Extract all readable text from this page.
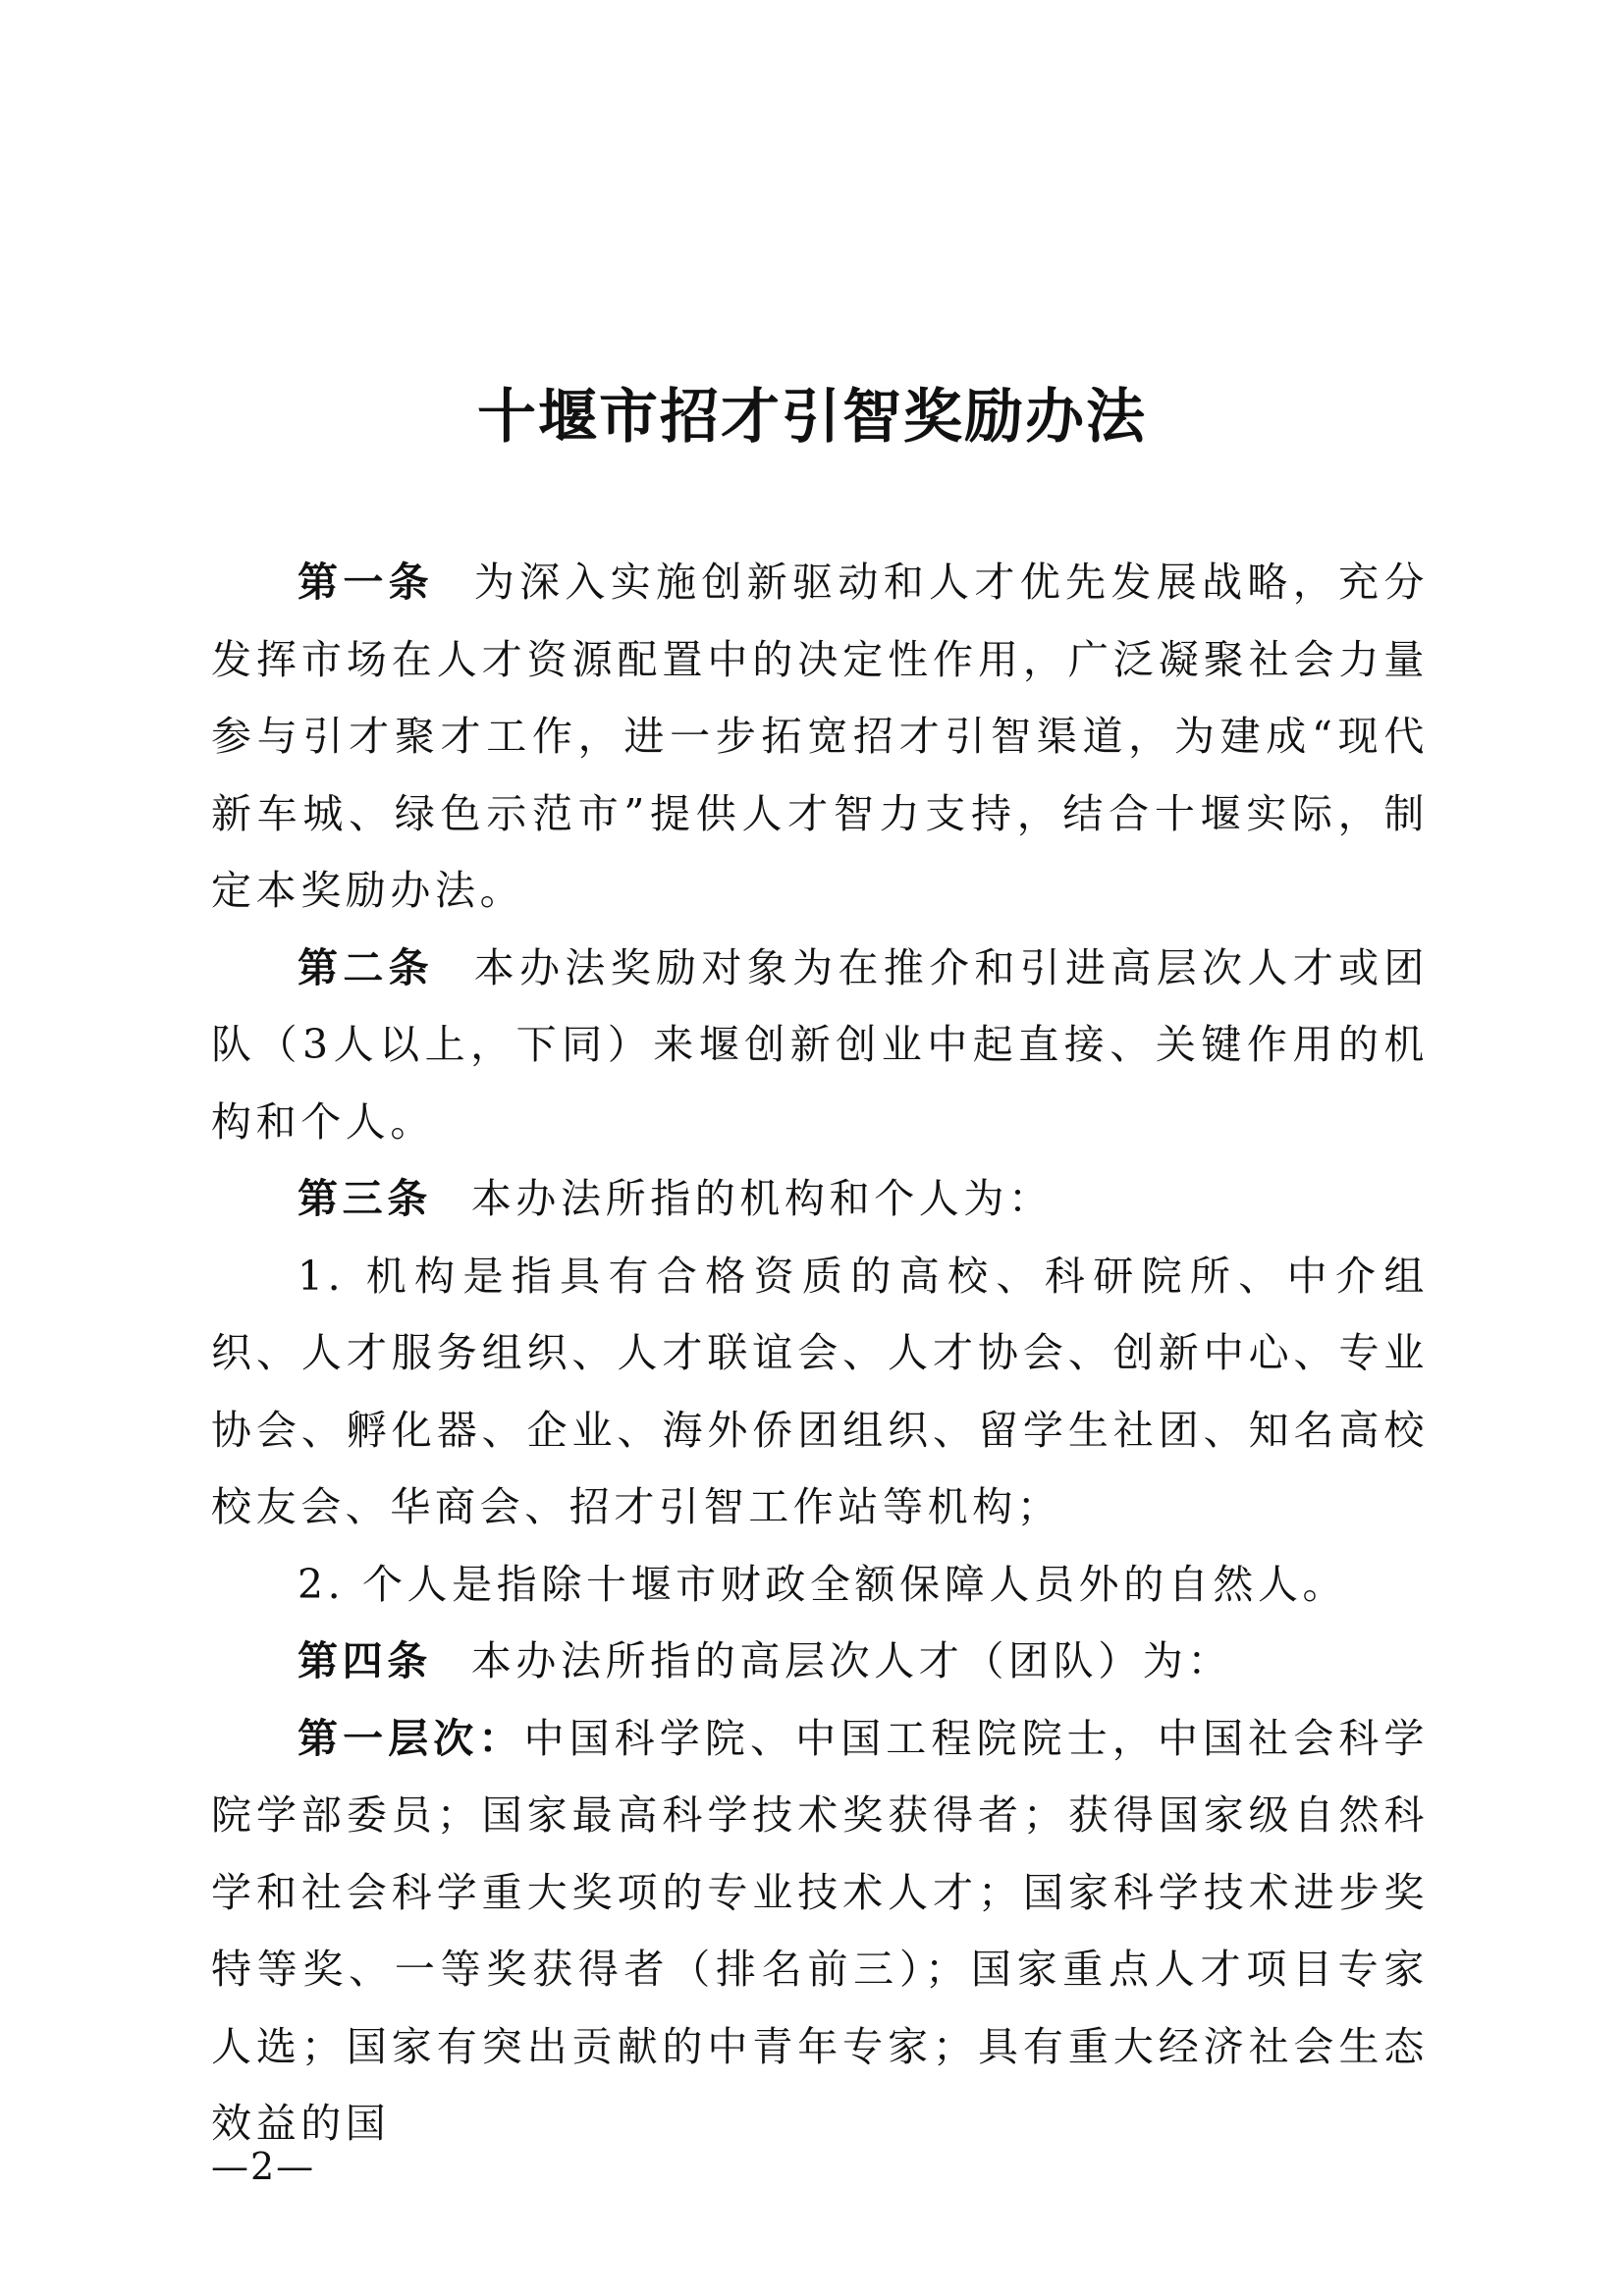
十堰市招才引智奖励办法

第一条 为深入实施创新驱动和人才优先发展战略，充分发挥市场在人才资源配置中的决定性作用，广泛凝聚社会力量参与引才聚才工作，进一步拓宽招才引智渠道，为建成“现代新车城、绿色示范市”提供人才智力支持，结合十堰实际，制定本奖励办法。

第二条 本办法奖励对象为在推介和引进高层次人才或团队（3人以上，下同）来堰创新创业中起直接、关键作用的机构和个人。

第三条 本办法所指的机构和个人为：

1. 机构是指具有合格资质的高校、科研院所、中介组织、人才服务组织、人才联谊会、人才协会、创新中心、专业协会、孵化器、企业、海外侨团组织、留学生社团、知名高校校友会、华商会、招才引智工作站等机构；

2. 个人是指除十堰市财政全额保障人员外的自然人。

第四条 本办法所指的高层次人才（团队）为：

第一层次：中国科学院、中国工程院院士，中国社会科学院学部委员；国家最高科学技术奖获得者；获得国家级自然科学和社会科学重大奖项的专业技术人才；国家科学技术进步奖特等奖、一等奖获得者（排名前三）；国家重点人才项目专家人选；国家有突出贡献的中青年专家；具有重大经济社会生态效益的国

—2—
